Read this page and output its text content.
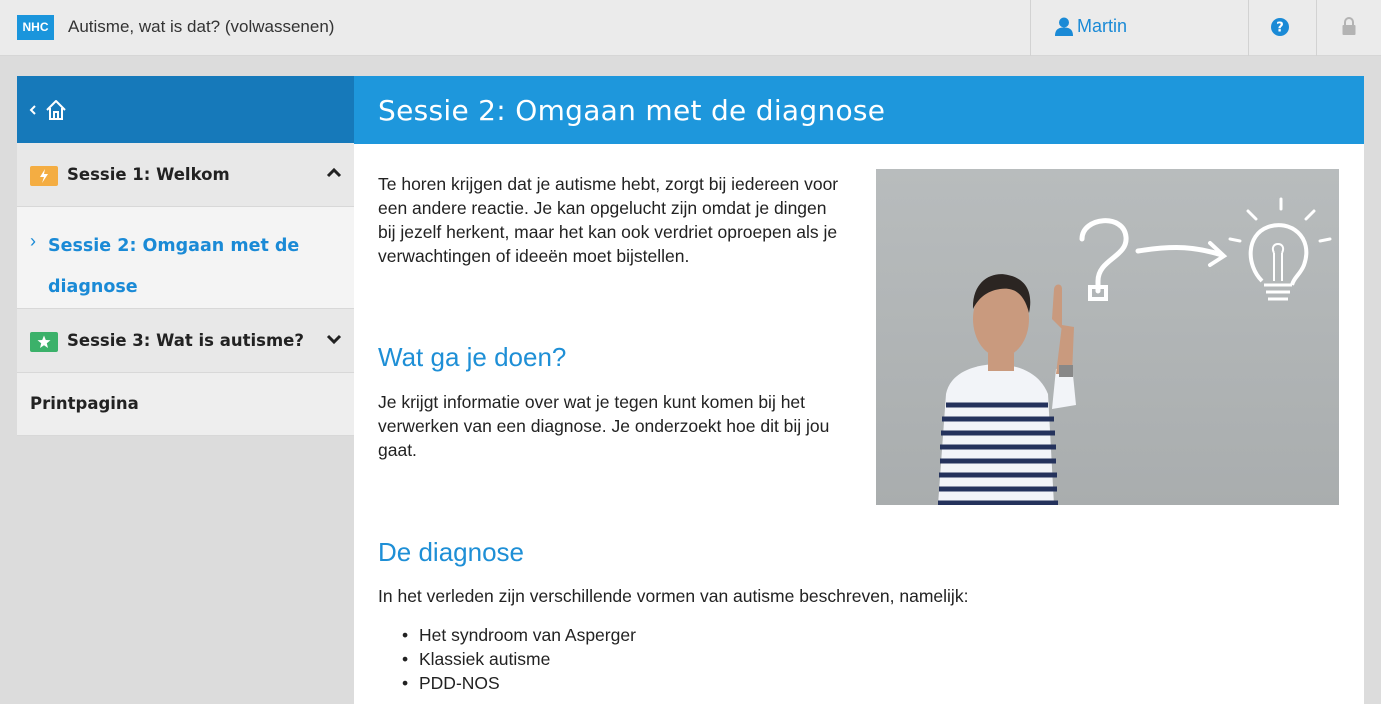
NHC	Autisme, wat is dat? (volwassenen)	Martin	?
Sessie 1: Welkom
› Sessie 2: Omgaan met de diagnose
Sessie 3: Wat is autisme?
Printpagina
Sessie 2: Omgaan met de diagnose

Te horen krijgen dat je autisme hebt, zorgt bij iedereen voor een andere reactie. Je kan opgelucht zijn omdat je dingen bij jezelf herkent, maar het kan ook verdriet oproepen als je verwachtingen of ideeën moet bijstellen.

Wat ga je doen?

Je krijgt informatie over wat je tegen kunt komen bij het verwerken van een diagnose. Je onderzoekt hoe dit bij jou gaat.

De diagnose

In het verleden zijn verschillende vormen van autisme beschreven, namelijk:

• Het syndroom van Asperger
• Klassiek autisme
• PDD-NOS
